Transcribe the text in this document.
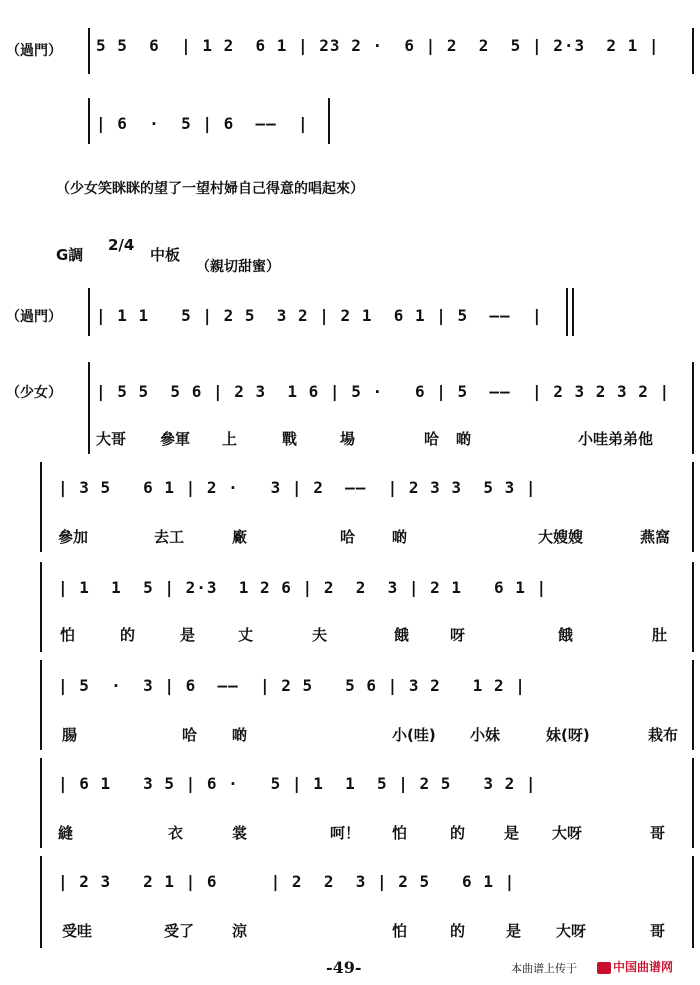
（過門） 5 5  6  | 1 2  6 1 | 23 2 ·  6 | 2  2  5 | 2·3  2 1 |
| 6  ·  5 | 6  ——  |
（少女笑眯眯的望了一望村婦自己得意的唱起來）
G調
2/4
中板
（親切甜蜜）
（過門） | 1 1   5 | 2 5  3 2 | 2 1  6 1 | 5  ——  |
（少女） | 5 5  5 6 | 2 3  1 6 | 5 ·   6 | 5  ——  | 2 3 2 3 2 |
大哥 參軍 上	戰	場	哈 啲	小哇弟弟他
| 3 5   6 1 | 2 ·   3 | 2  ——  | 2 3 3  5 3 |
參加	去工	廠	哈 啲	大嫂嫂	燕窩
| 1  1  5 | 2·3  1 2 6 | 2  2  3 | 2 1   6 1 |
怕	的	是	丈	夫	餓	呀	餓	肚
| 5  ·  3 | 6  ——  | 2 5   5 6 | 3 2   1 2 |
腸	哈 啲	小(哇) 小妹	妹(呀)	栽布
| 6 1   3 5 | 6 ·   5 | 1  1  5 | 2 5   3 2 |
縫	衣	裳	呵！ 怕	的	是 大呀	哥
| 2 3   2 1 | 6     | 2  2  3 | 2 5   6 1 |
受哇	受了	涼	怕	的	是 大呀	哥
-49-	本曲谱上传于	中国曲谱网
